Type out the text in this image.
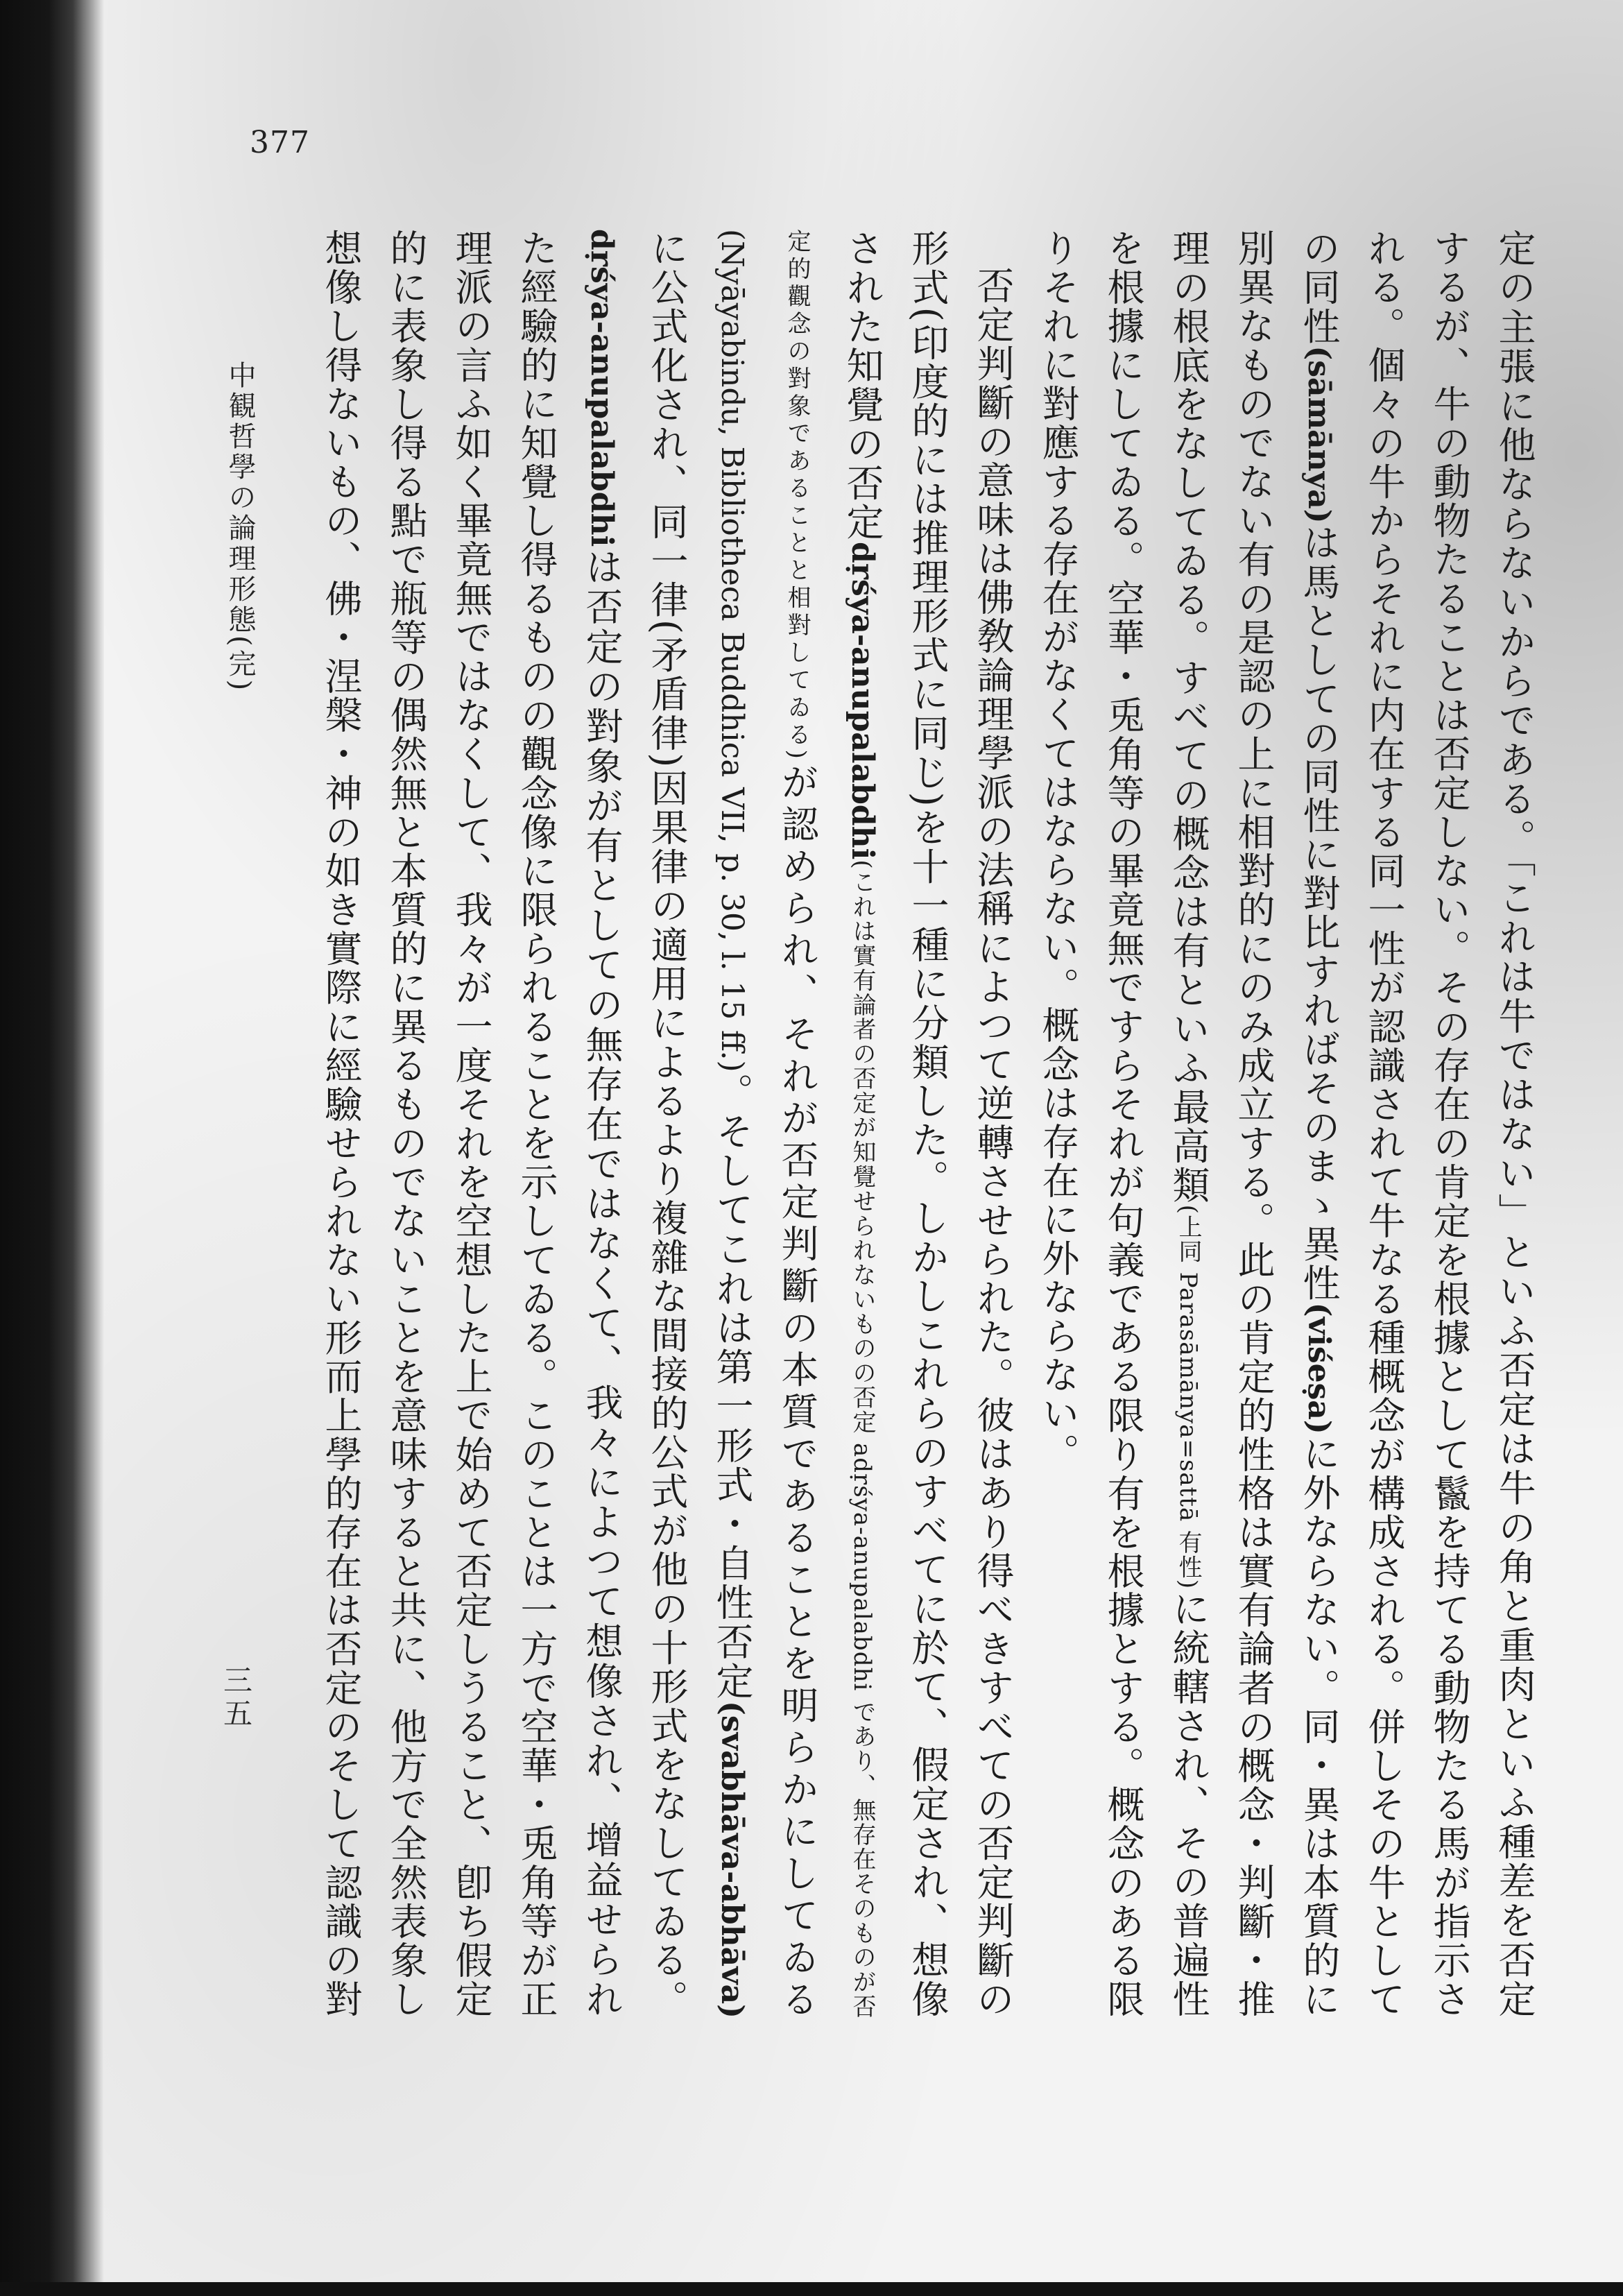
377

定の主張に他ならないからである。「これは牛ではない」といふ否定は牛の角と重肉といふ種差を否定するが、牛の動物たることは否定しない。その存在の肯定を根據として鬣を持てる動物たる馬が指示される。個々の牛からそれに内在する同一性が認識されて牛なる種概念が構成される。併しその牛としての同性(sāmānya)は馬としての同性に對比すればそのまゝ異性(viśeṣa)に外ならない。同・異は本質的に別異なものでない有の是認の上に相對的にのみ成立する。此の肯定的性格は實有論者の概念・判斷・推理の根底をなしてゐる。すべての概念は有といふ最高類(上同 Parasāmānya=sattā 有性)に統轄され、その普遍性を根據にしてゐる。空華・兎角等の畢竟無ですらそれが句義である限り有を根據とする。概念のある限りそれに對應する存在がなくてはならない。概念は存在に外ならない。

否定判斷の意味は佛敎論理學派の法稱によつて逆轉させられた。彼はあり得べきすべての否定判斷の形式(印度的には推理形式に同じ)を十一種に分類した。しかしこれらのすべてに於て、假定され、想像された知覺の否定dṛśya-anupalabdhi(これは實有論者の否定が知覺せられないものの否定 adṛśya-anupalabdhi であり、無存在そのものが否定的觀念の對象であることと相對してゐる)が認められ、それが否定判斷の本質であることを明らかにしてゐる(Nyāyabindu, Bibliotheca Buddhica VII, p. 30, l. 15 ff.)。そしてこれは第一形式・自性否定(svabhāva-abhāva)に公式化され、同一律(矛盾律)因果律の適用によるより複雜な間接的公式が他の十形式をなしてゐる。dṛśya-anupalabdhiは否定の對象が有としての無存在ではなくて、我々によつて想像され、增益せられた經驗的に知覺し得るものの觀念像に限られることを示してゐる。このことは一方で空華・兎角等が正理派の言ふ如く畢竟無ではなくして、我々が一度それを空想した上で始めて否定しうること、卽ち假定的に表象し得る點で瓶等の偶然無と本質的に異るものでないことを意味すると共に、他方で全然表象し想像し得ないもの、佛・涅槃・神の如き實際に經驗せられない形而上學的存在は否定のそして認識の對

中観哲學の論理形態(完)
三五
